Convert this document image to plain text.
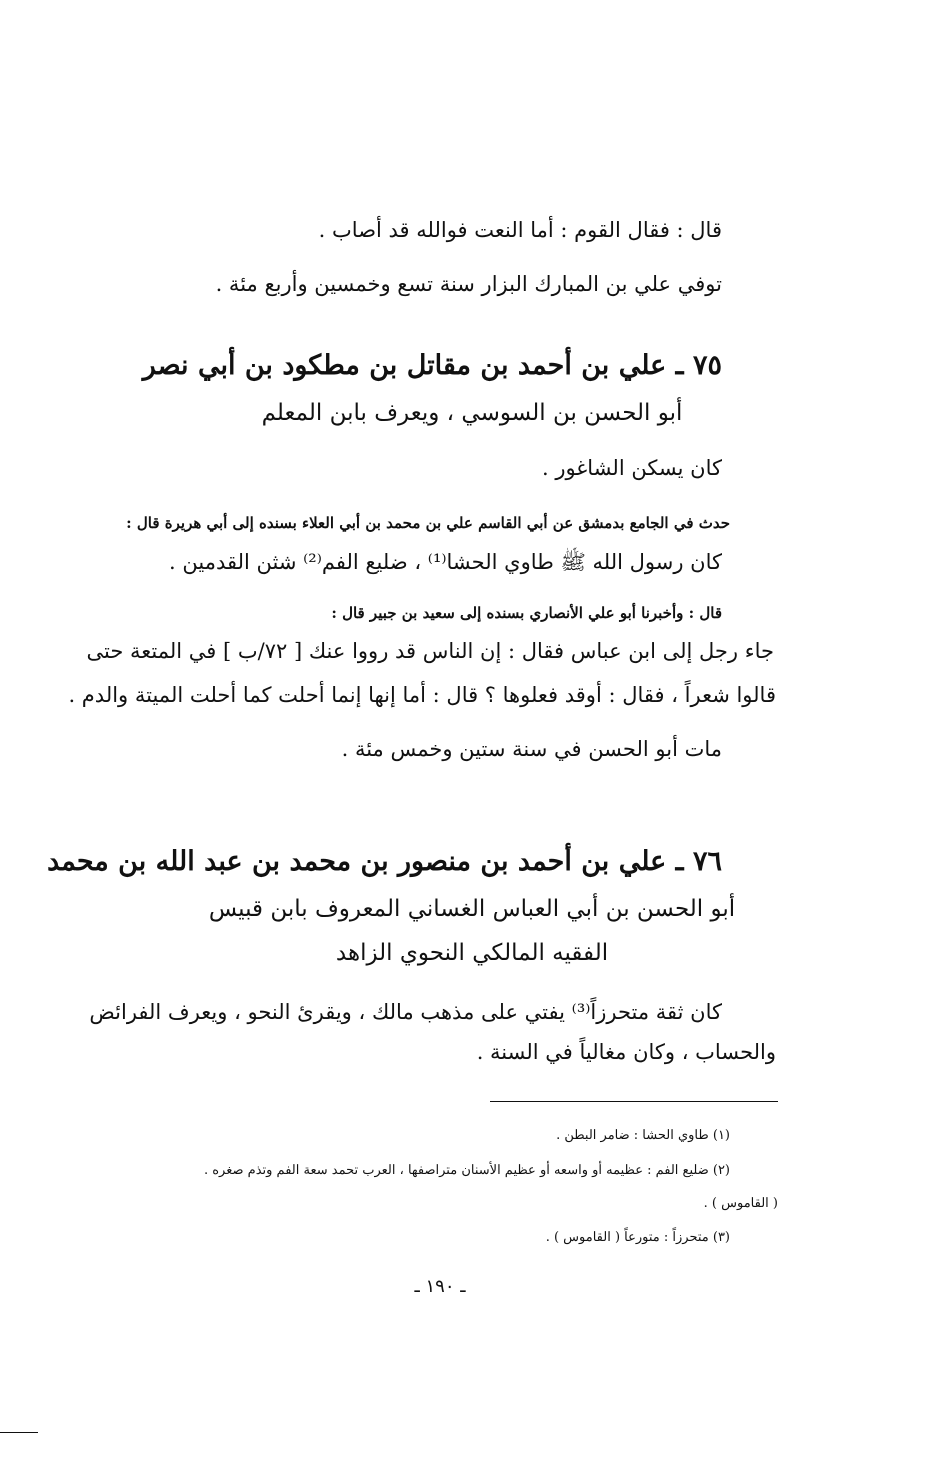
قال : فقال القوم : أما النعت فوالله قد أصاب .
توفي علي بن المبارك البزار سنة تسع وخمسين وأربع مئة .
٧٥ ـ علي بن أحمد بن مقاتل بن مطكود بن أبي نصر
أبو الحسن بن السوسي ، ويعرف بابن المعلم
كان يسكن الشاغور .
حدث في الجامع بدمشق عن أبي القاسم علي بن محمد بن أبي العلاء بسنده إلى أبي هريرة قال :
كان رسول الله ﷺ طاوي الحشا⁽¹⁾ ، ضليع الفم⁽²⁾ شثن القدمين .
قال : وأخبرنا أبو علي الأنصاري بسنده إلى سعيد بن جبير قال :
جاء رجل إلى ابن عباس فقال : إن الناس قد رووا عنك [ ٧٢/ب ] في المتعة حتى
قالوا شعراً ، فقال : أوقد فعلوها ؟ قال : أما إنها إنما أحلت كما أحلت الميتة والدم .
مات أبو الحسن في سنة ستين وخمس مئة .
٧٦ ـ علي بن أحمد بن منصور بن محمد بن عبد الله بن محمد
أبو الحسن بن أبي العباس الغساني المعروف بابن قبيس
الفقيه المالكي النحوي الزاهد
كان ثقة متحرزاً⁽³⁾ يفتي على مذهب مالك ، ويقرئ النحو ، ويعرف الفرائض
والحساب ، وكان مغالياً في السنة .
(١) طاوي الحشا : ضامر البطن .
(٢) ضليع الفم : عظيمه أو واسعه أو عظيم الأسنان متراصفها ، العرب تحمد سعة الفم وتذم صغره .
( القاموس ) .
(٣) متحرزاً : متورعاً ( القاموس ) .
ـ ١٩٠ ـ
